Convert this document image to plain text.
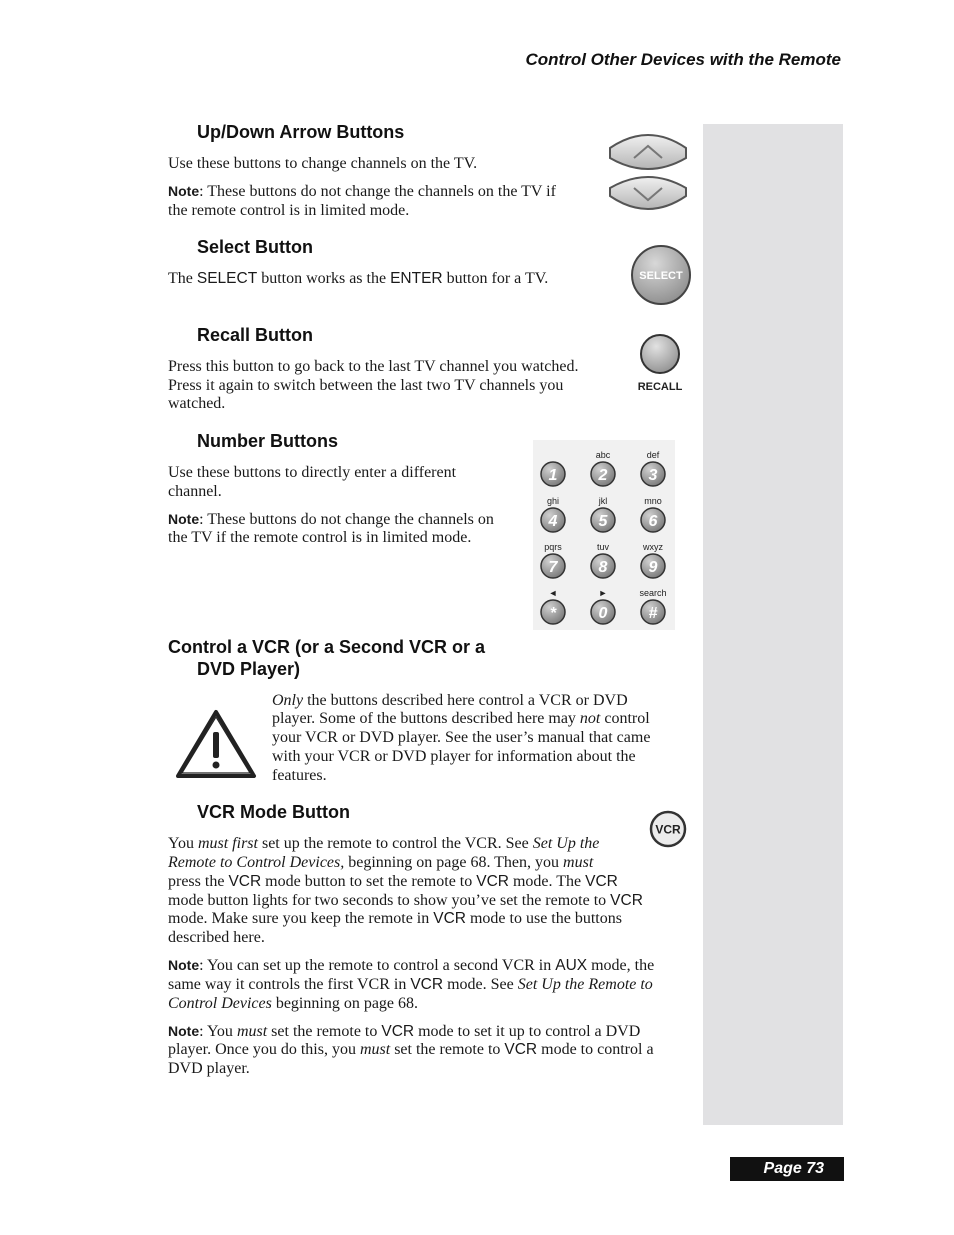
Control Other Devices with the Remote
Up/Down Arrow Buttons
Use these buttons to change channels on the TV.
Note: These buttons do not change the channels on the TV if
the remote control is in limited mode.
Select Button
The SELECT button works as the ENTER button for a TV.	SELECT
Recall Button
Press this button to go back to the last TV channel you watched.
Press it again to switch between the last two TV channels you
watched.
RECALL
Number Buttons
Use these buttons to directly enter a different
channel.
Note: These buttons do not change the channels on
the TV if the remote control is in limited mode.
1	2
abc
3
def
4
ghi
5
jkl
6
mno
7
pqrs
8
tuv
9
wxyz
*
◄
0
►
#
search
Control a VCR (or a Second VCR or a
DVD Player)
Only the buttons described here control a VCR or DVD
player. Some of the buttons described here may not control
your VCR or DVD player. See the user’s manual that came
with your VCR or DVD player for information about the
features.
VCR Mode Button
VCR
You must first set up the remote to control the VCR. See Set Up the
Remote to Control Devices, beginning on page 68. Then, you must
press the VCR mode button to set the remote to VCR mode. The VCR
mode button lights for two seconds to show you’ve set the remote to VCR
mode. Make sure you keep the remote in VCR mode to use the buttons
described here.
Note: You can set up the remote to control a second VCR in AUX mode, the
same way it controls the first VCR in VCR mode. See Set Up the Remote to
Control Devices beginning on page 68.
Note: You must set the remote to VCR mode to set it up to control a DVD
player. Once you do this, you must set the remote to VCR mode to control a
DVD player.
Page 73
